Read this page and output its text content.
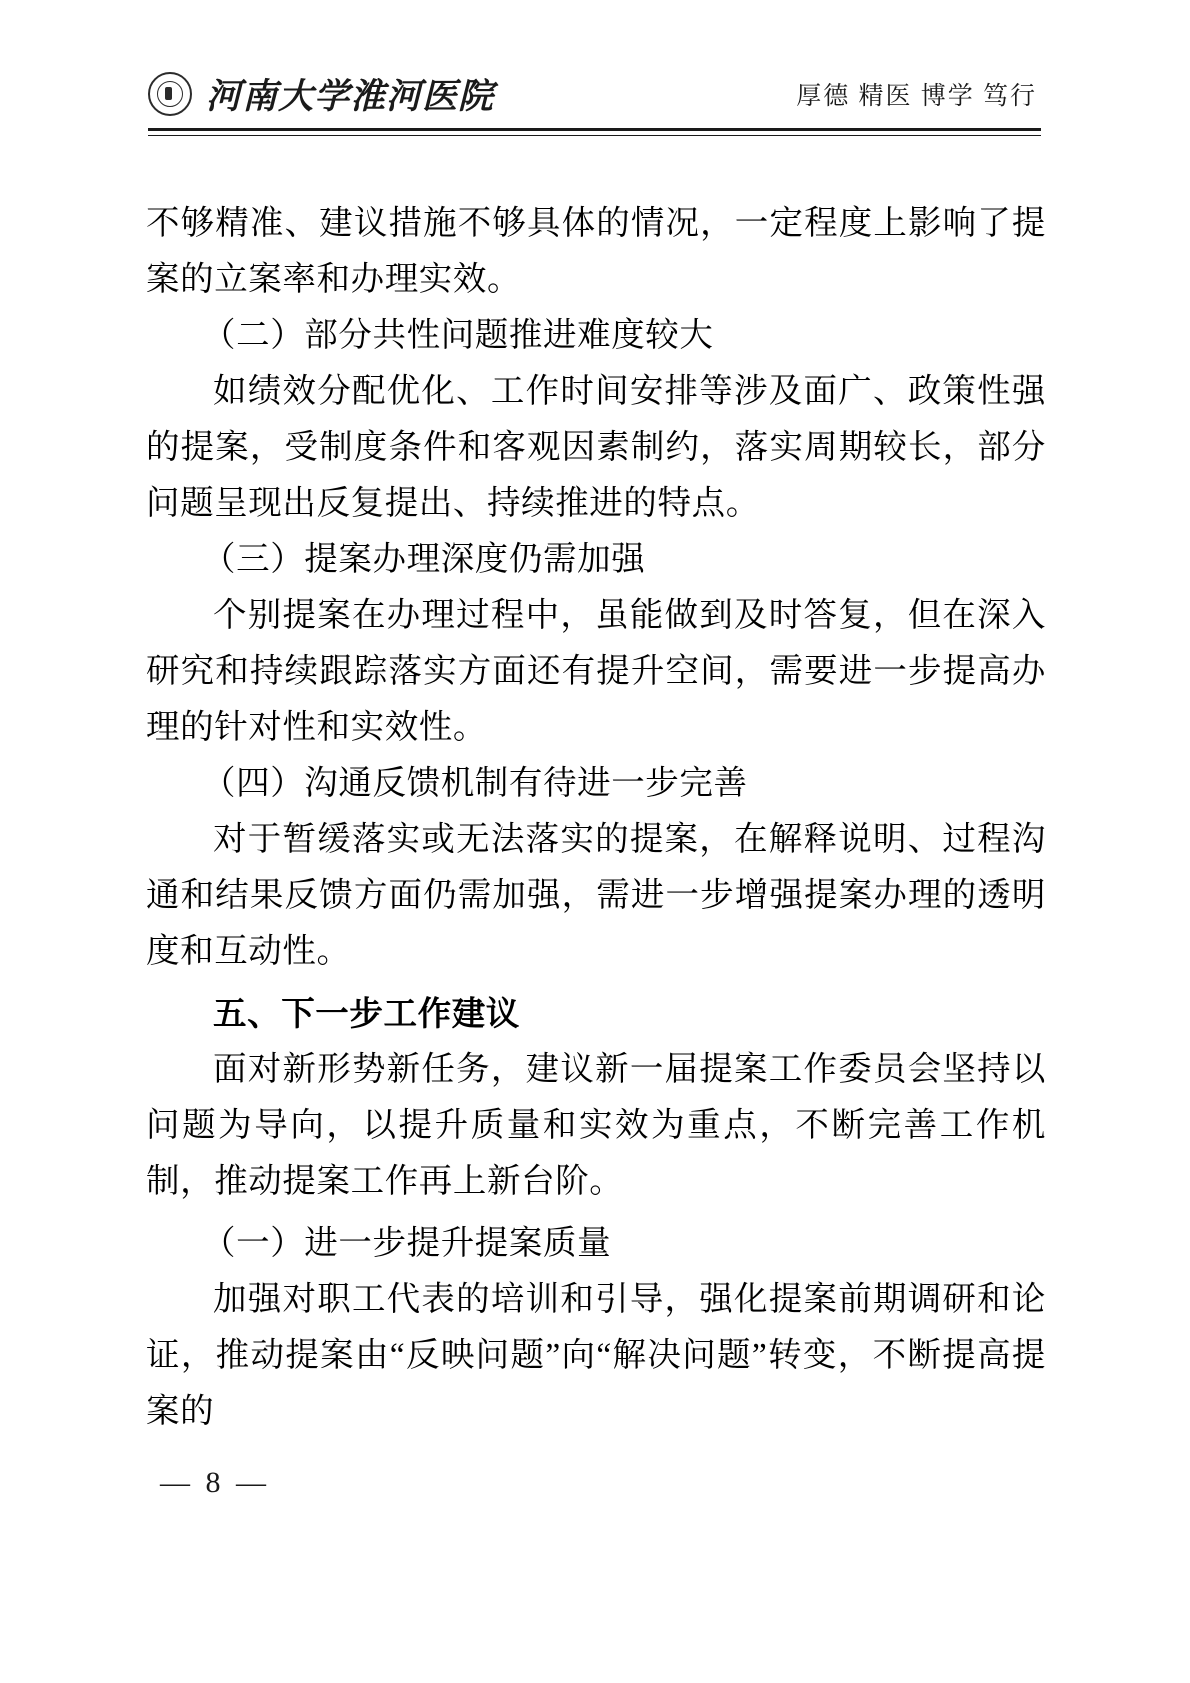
河南大学淮河医院	厚德 精医 博学 笃行

不够精准、建议措施不够具体的情况，一定程度上影响了提案的立案率和办理实效。

（二）部分共性问题推进难度较大

如绩效分配优化、工作时间安排等涉及面广、政策性强的提案，受制度条件和客观因素制约，落实周期较长，部分问题呈现出反复提出、持续推进的特点。

（三）提案办理深度仍需加强

个别提案在办理过程中，虽能做到及时答复，但在深入研究和持续跟踪落实方面还有提升空间，需要进一步提高办理的针对性和实效性。

（四）沟通反馈机制有待进一步完善

对于暂缓落实或无法落实的提案，在解释说明、过程沟通和结果反馈方面仍需加强，需进一步增强提案办理的透明度和互动性。

五、下一步工作建议

面对新形势新任务，建议新一届提案工作委员会坚持以问题为导向，以提升质量和实效为重点，不断完善工作机制，推动提案工作再上新台阶。

（一）进一步提升提案质量

加强对职工代表的培训和引导，强化提案前期调研和论证，推动提案由“反映问题”向“解决问题”转变，不断提高提案的

— 8 —
